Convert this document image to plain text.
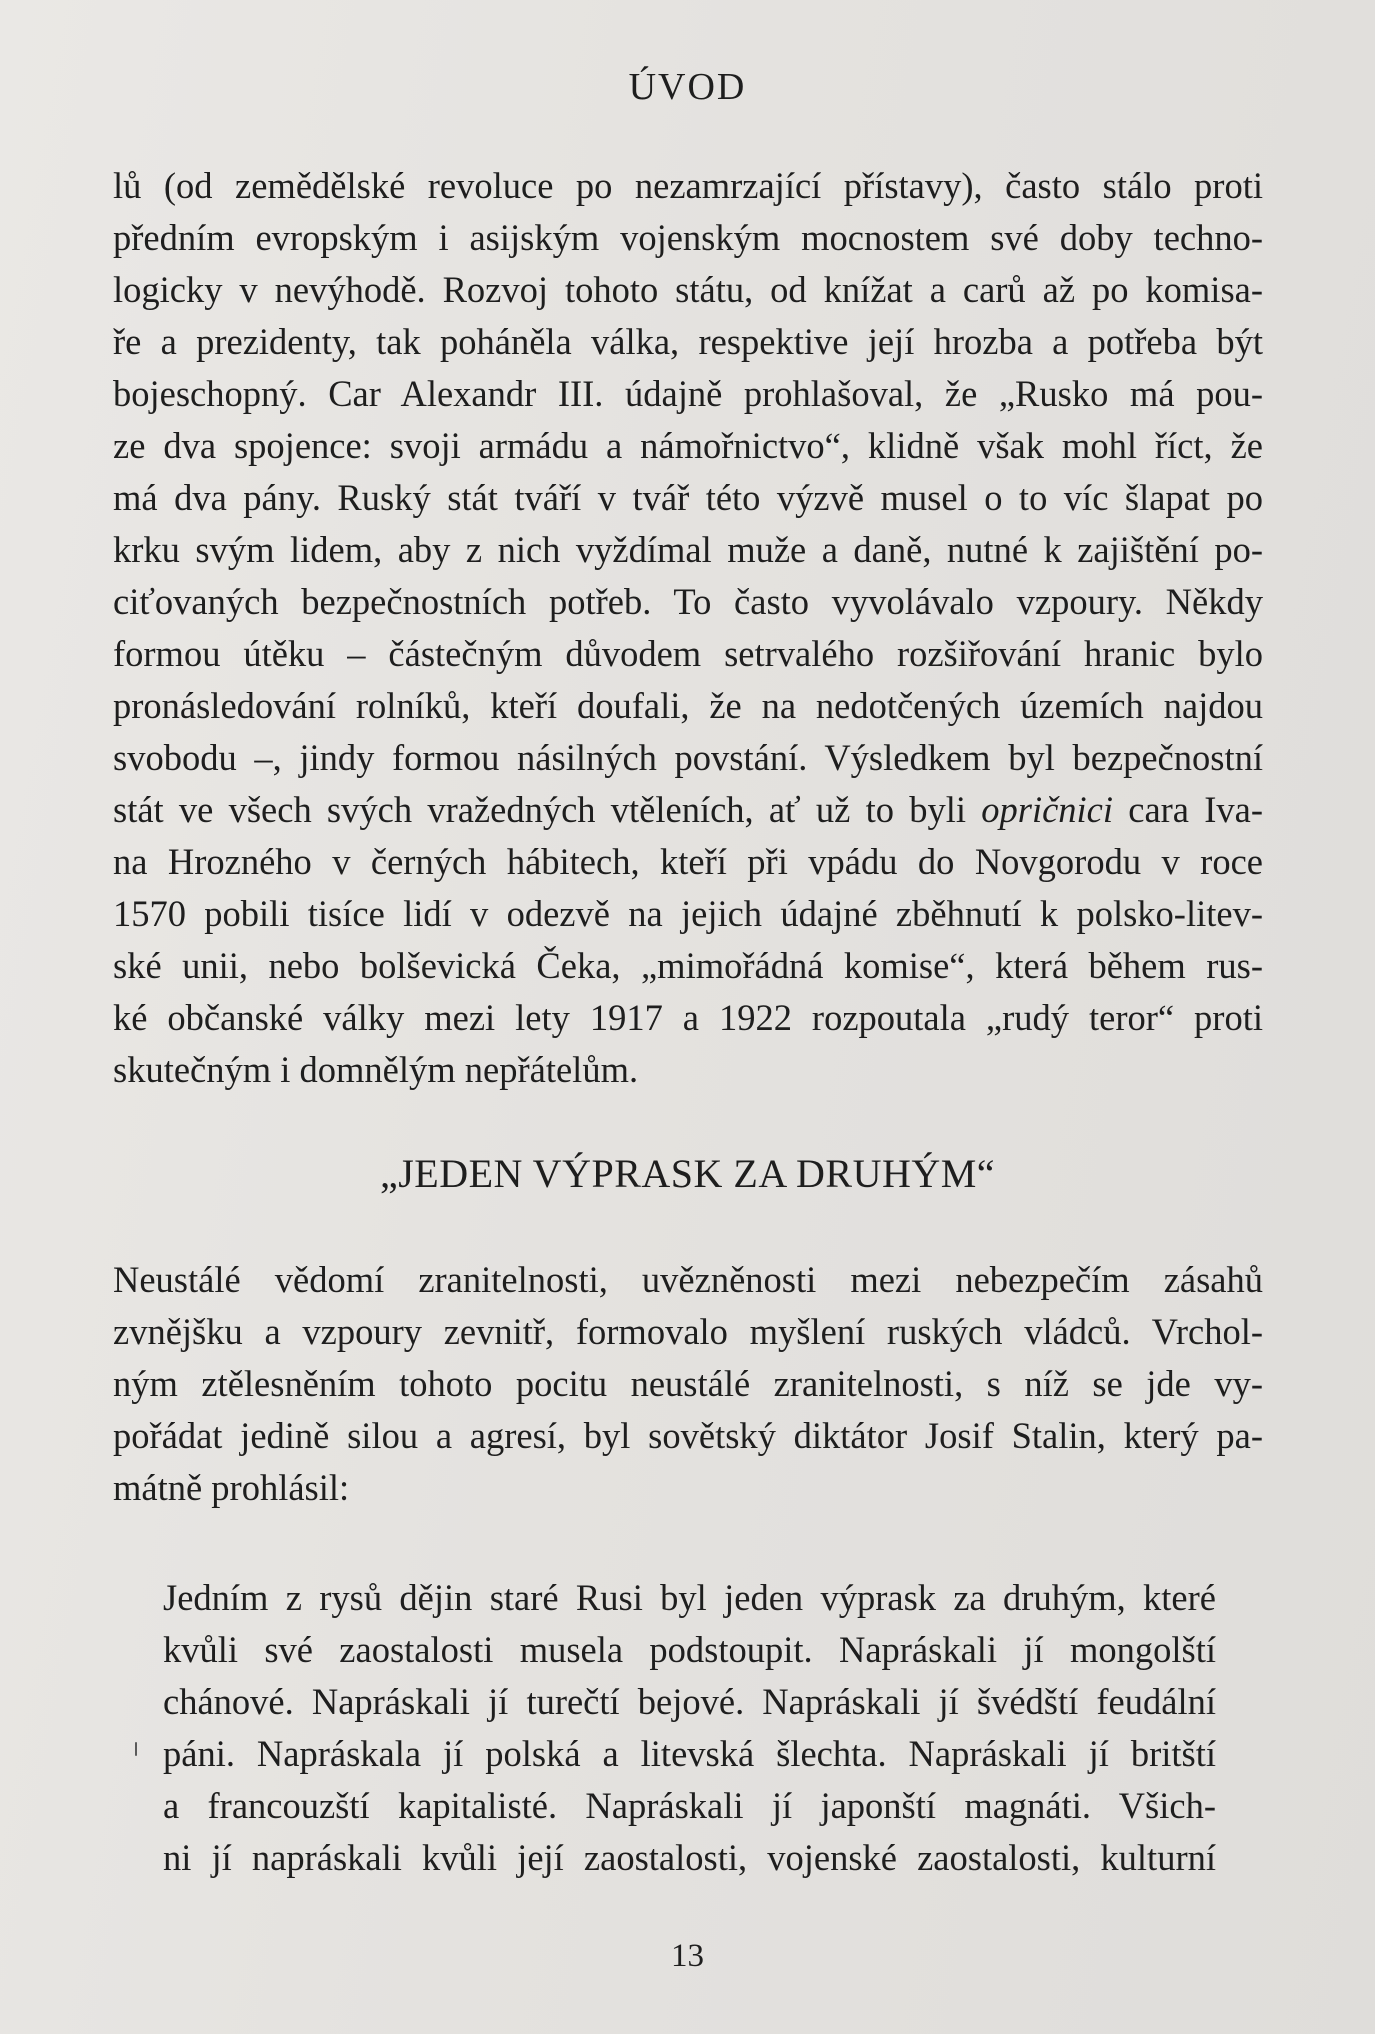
ÚVOD

lů (od zemědělské revoluce po nezamrzající přístavy), často stálo proti
předním evropským i asijským vojenským mocnostem své doby techno-
logicky v nevýhodě. Rozvoj tohoto státu, od knížat a carů až po komisa-
ře a prezidenty, tak poháněla válka, respektive její hrozba a potřeba být
bojeschopný. Car Alexandr III. údajně prohlašoval, že „Rusko má pou-
ze dva spojence: svoji armádu a námořnictvo“, klidně však mohl říct, že
má dva pány. Ruský stát tváří v tvář této výzvě musel o to víc šlapat po
krku svým lidem, aby z nich vyždímal muže a daně, nutné k zajištění po-
ciťovaných bezpečnostních potřeb. To často vyvolávalo vzpoury. Někdy
formou útěku – částečným důvodem setrvalého rozšiřování hranic bylo
pronásledování rolníků, kteří doufali, že na nedotčených územích najdou
svobodu –, jindy formou násilných povstání. Výsledkem byl bezpečnostní
stát ve všech svých vražedných vtěleních, ať už to byli opričnici cara Iva-
na Hrozného v černých hábitech, kteří při vpádu do Novgorodu v roce
1570 pobili tisíce lidí v odezvě na jejich údajné zběhnutí k polsko-litev-
ské unii, nebo bolševická Čeka, „mimořádná komise“, která během rus-
ké občanské války mezi lety 1917 a 1922 rozpoutala „rudý teror“ proti
skutečným i domnělým nepřátelům.

„JEDEN VÝPRASK ZA DRUHÝM“

Neustálé vědomí zranitelnosti, uvězněnosti mezi nebezpečím zásahů
zvnějšku a vzpoury zevnitř, formovalo myšlení ruských vládců. Vrchol-
ným ztělesněním tohoto pocitu neustálé zranitelnosti, s níž se jde vy-
pořádat jedině silou a agresí, byl sovětský diktátor Josif Stalin, který pa-
mátně prohlásil:

Jedním z rysů dějin staré Rusi byl jeden výprask za druhým, které
kvůli své zaostalosti musela podstoupit. Napráskali jí mongolští
chánové. Napráskali jí turečtí bejové. Napráskali jí švédští feudální
páni. Napráskala jí polská a litevská šlechta. Napráskali jí britští
a francouzští kapitalisté. Napráskali jí japonští magnáti. Všich-
ni jí napráskali kvůli její zaostalosti, vojenské zaostalosti, kulturní

13
